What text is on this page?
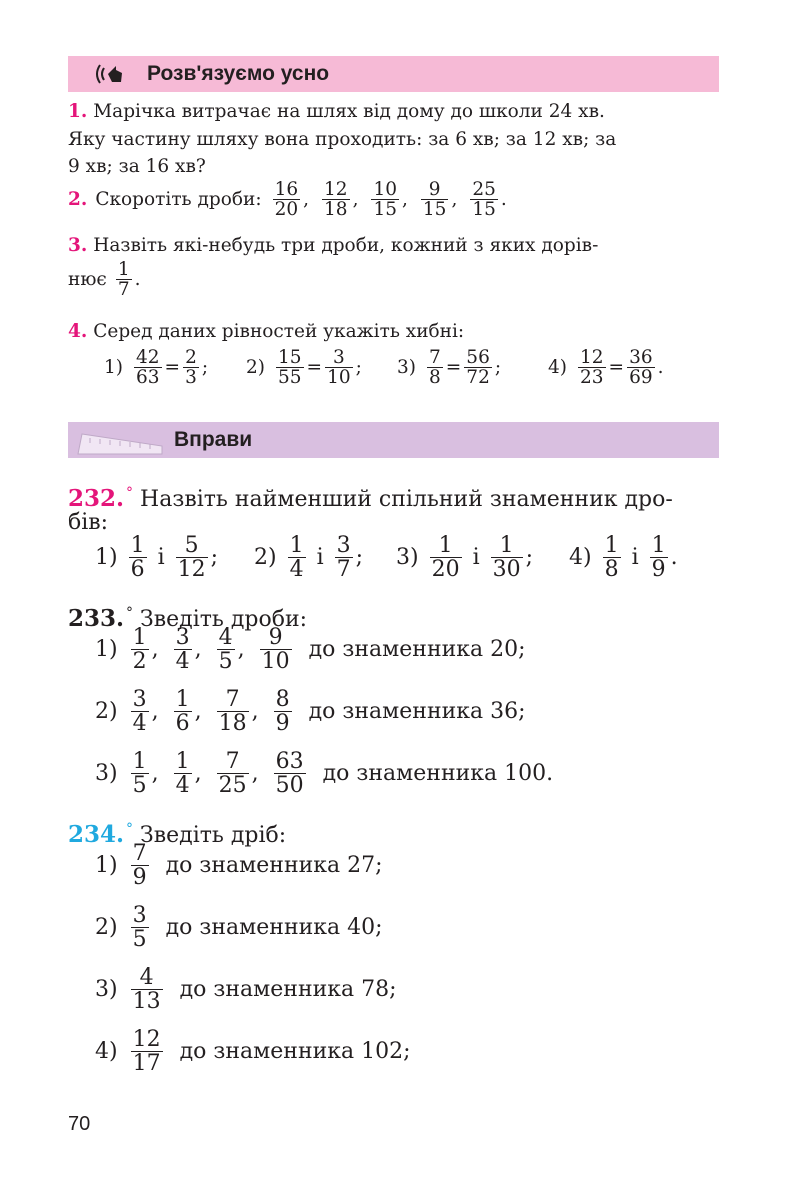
Розв'язуємо усно
1. Марічка витрачає на шлях від дому до школи 24 хв.
Яку частину шляху вона проходить: за 6 хв; за 12 хв; за
9 хв; за 16 хв?
2. Скоротіть дроби: $\frac{16}{20}$ , $\frac{12}{18}$ , $\frac{10}{15}$ , $\frac{9}{15}$ , $\frac{25}{15}$ .
3. Назвіть які-небудь три дроби, кожний з яких дорів-
нює $\frac{1}{7}$ .
4. Серед даних рівностей укажіть хибні:
$1) \frac{42}{63} = \frac{2}{3}$ ; $2) \frac{15}{55} = \frac{3}{10}$ ; $3) \frac{7}{8} = \frac{56}{72}$ ;	$4) \frac{12}{23} = \frac{36}{69}$ .
Вправи
232. ° Назвіть найменший спільний знаменник дро-
бів:
$1) \frac{1}{6}$ і $\frac{5}{12}$ ; $2) \frac{1}{4}$ і $\frac{3}{7}$ ; $3) \frac{1}{20}$ і $\frac{1}{30}$ ; $4) \frac{1}{8}$ і $\frac{1}{9}$ .
233. ° Зведіть дроби:
$1) \frac{1}{2}$ , $\frac{3}{4}$ , $\frac{4}{5}$ , $\frac{9}{10}$ до знаменника 20;
$2) \frac{3}{4}$ , $\frac{1}{6}$ , $\frac{7}{18}$ , $\frac{8}{9}$ до знаменника 36;
$3) \frac{1}{5}$ , $\frac{1}{4}$ , $\frac{7}{25}$ , $\frac{63}{50}$ до знаменника 100.
234. ° Зведіть дріб:
$1) \frac{7}{9}$ до знаменника 27;
$2) \frac{3}{5}$ до знаменника 40;
$3) \frac{4}{13}$ до знаменника 78;
$4) \frac{12}{17}$ до знаменника 102;
70
